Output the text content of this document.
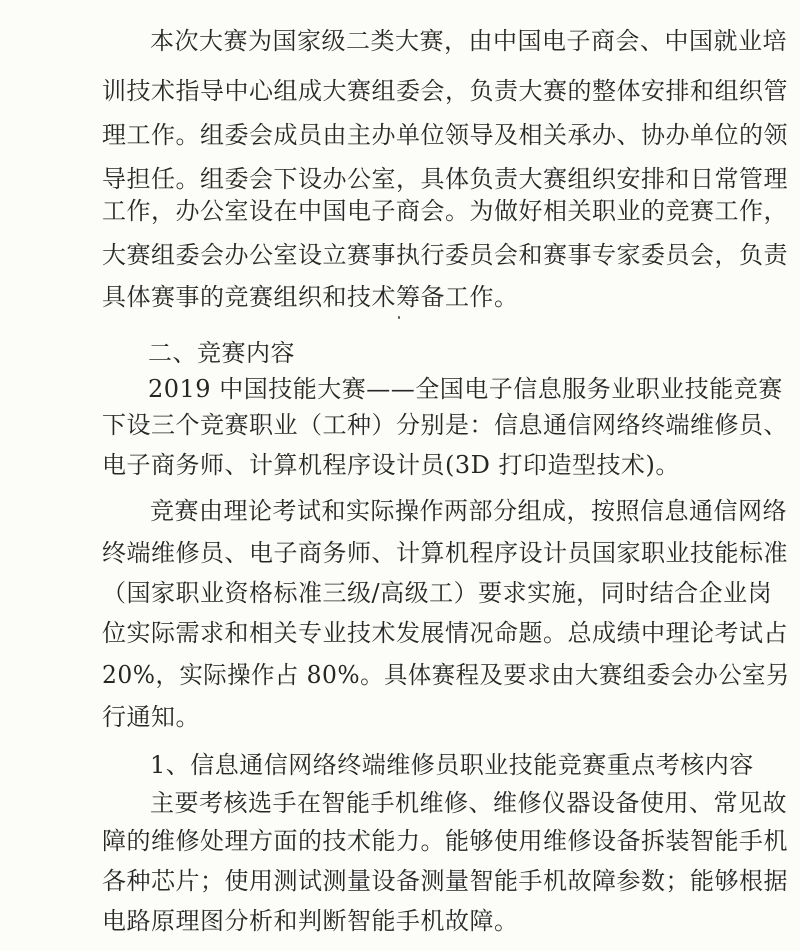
本次大赛为国家级二类大赛，由中国电子商会、中国就业培

训技术指导中心组成大赛组委会，负责大赛的整体安排和组织管

理工作。组委会成员由主办单位领导及相关承办、协办单位的领

导担任。组委会下设办公室，具体负责大赛组织安排和日常管理

工作，办公室设在中国电子商会。为做好相关职业的竞赛工作，

大赛组委会办公室设立赛事执行委员会和赛事专家委员会，负责

具体赛事的竞赛组织和技术筹备工作。

二、竞赛内容

2019 中国技能大赛——全国电子信息服务业职业技能竞赛

下设三个竞赛职业（工种）分别是：信息通信网络终端维修员、

电子商务师、计算机程序设计员(3D 打印造型技术)。

竞赛由理论考试和实际操作两部分组成，按照信息通信网络

终端维修员、电子商务师、计算机程序设计员国家职业技能标准

（国家职业资格标准三级/高级工）要求实施，同时结合企业岗

位实际需求和相关专业技术发展情况命题。总成绩中理论考试占

20%，实际操作占 80%。具体赛程及要求由大赛组委会办公室另

行通知。

1、信息通信网络终端维修员职业技能竞赛重点考核内容

主要考核选手在智能手机维修、维修仪器设备使用、常见故

障的维修处理方面的技术能力。能够使用维修设备拆装智能手机

各种芯片；使用测试测量设备测量智能手机故障参数；能够根据

电路原理图分析和判断智能手机故障。
